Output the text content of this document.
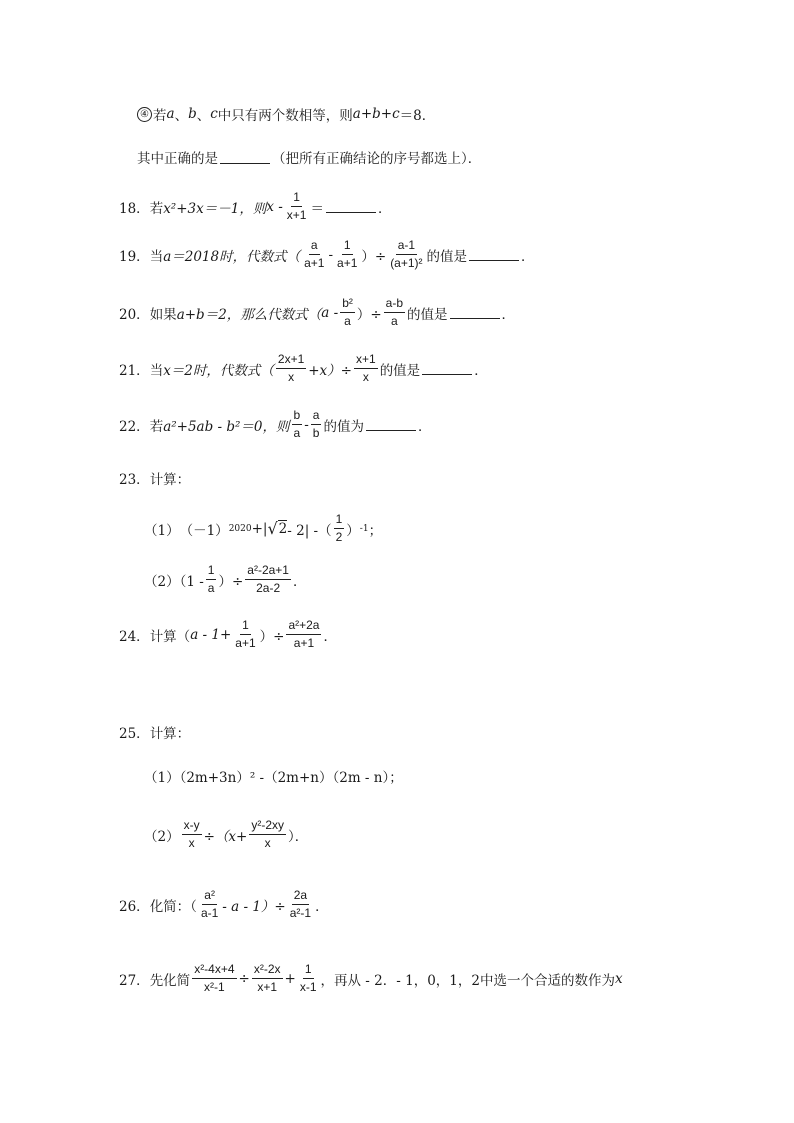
④ 若 a 、 b 、 c 中只有两个数相等，则 a+b+c ＝8．
其中正确的是	（把所有正确结论的序号都选上）．
18． 若 x²+3x＝－1，则 x - $\frac{1}{x+1}$ ＝	．
19． 当 a＝2018时，代数式（ $\frac{a}{a+1} - \frac{1}{a+1}$ ）÷ $\frac{a-1}{\text{(a+1)²}}$ 的值是	．
20． 如果 a+b＝2，那么代数式（ a - $\frac{\text{b²}}{a}$ ）÷ $\frac{a-b}{a}$ 的值是	．
21． 当 x＝2时，代数式（ $\frac{2x+1}{x} +x)\div \frac{x+1}{x}$ 的值是	．
22． 若 a²+5ab - b²＝0，则 $\frac{b}{a} - \frac{a}{b}$ 的值为	．
23． 计算：
（1） （－1） 2020 +| √ 2 - 2| -（ $\frac{1}{2}$ ） -1 ；
$(2)(1 - \frac{1}{a}$ ）÷ $\frac{\text{a²-2a+1}}{2a-2}$ ．
24． 计算（ $a - 1+ \frac{1}{a+1}$ ）÷ $\frac{\text{a²+2a}}{a+1}$ ．
25． 计算：
（1）（2m+3n）² -（2m+n）（2m - n）；
$(2) \frac{x-y}{x} \div(x+ \frac{\text{y²-2xy}}{x}$ ）．
26． 化简：（ $\frac{\text{a²}}{a-1} - a - 1)\div \frac{2a}{\text{a²-1}}$ ．
27． 先化简 $\frac{\text{x²-4x+4}}{\text{x²-1}} \div \frac{\text{x²-2x}}{x+1} + \frac{1}{x-1}$ ，再从 - 2．- 1，0，1，2中选一个合适的数作为 x
